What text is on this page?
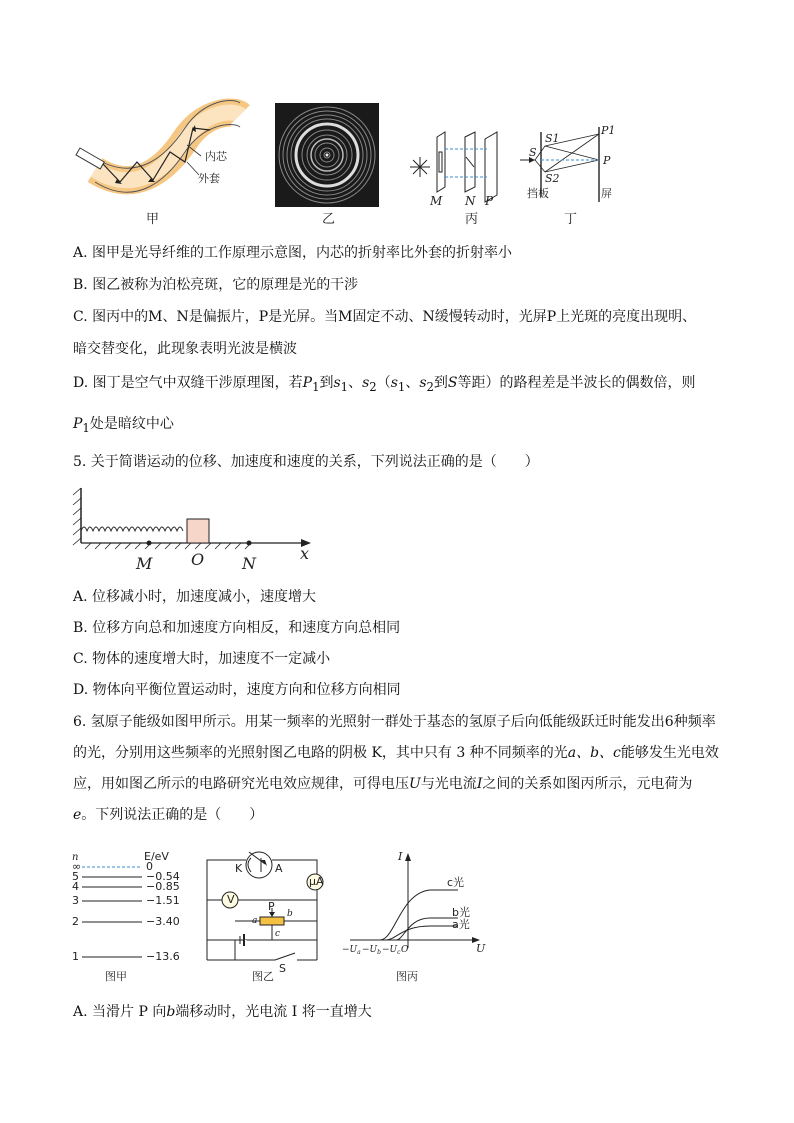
内芯
外套
甲	乙
M N P
丙
S
S1
S2
P1
P
挡板	屏
丁
A. 图甲是光导纤维的工作原理示意图，内芯的折射率比外套的折射率小
B. 图乙被称为泊松亮斑，它的原理是光的干涉
C. 图丙中的M、N是偏振片，P是光屏。当M固定不动、N缓慢转动时，光屏P上光斑的亮度出现明、
暗交替变化，此现象表明光波是横波
D. 图丁是空气中双缝干涉原理图，若$P_1$到$s_1$、$s_2(s_1$、$s_2$到S等距）的路程差是半波长的偶数倍，则
$P_1$处是暗纹中心
5. 关于简谐运动的位移、加速度和速度的关系，下列说法正确的是（　　）
M O N
x
A. 位移减小时，加速度减小，速度增大
B. 位移方向总和加速度方向相反，和速度方向总相同
C. 物体的速度增大时，加速度不一定减小
D. 物体向平衡位置运动时，速度方向和位移方向相同
6. 氢原子能级如图甲所示。用某一频率的光照射一群处于基态的氢原子后向低能级跃迁时能发出6种频率
的光，分别用这些频率的光照射图乙电路的阴极 K，其中只有 3 种不同频率的光a、b、c能够发生光电效
应，用如图乙所示的电路研究光电效应规律，可得电压U与光电流I之间的关系如图丙所示，元电荷为
e。下列说法正确的是（　　）
n	E/eV
∞	0
5	−0.54
4	−0.85
3	−1.51
2	−3.40
1	−13.6
图甲
K	A
V
μA
P
a
b
c
S
图乙
I
U
c光
b光
a光
$-U_a -U_b -U_c$ O
图丙
A. 当滑片 P 向b端移动时，光电流 I 将一直增大
